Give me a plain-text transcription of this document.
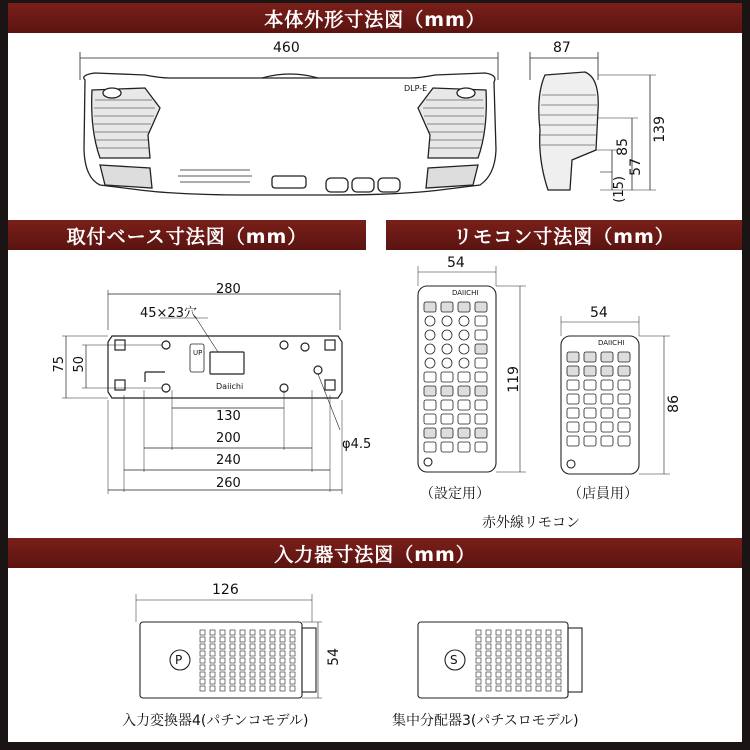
本体外形寸法図（mm）
取付ベース寸法図（mm）	リモコン寸法図（mm）
入力器寸法図（mm）
460	87
DLP-E
139
85
57
(15)
280
45×23穴
UP
Daiichi
75 50
130
200	φ4.5
240
260
54
DAIICHI
119
54
DAIICHI
86
（設定用）	（店員用）
赤外線リモコン
126
54
P	S
入力変換器4(パチンコモデル)	集中分配器3(パチスロモデル)
